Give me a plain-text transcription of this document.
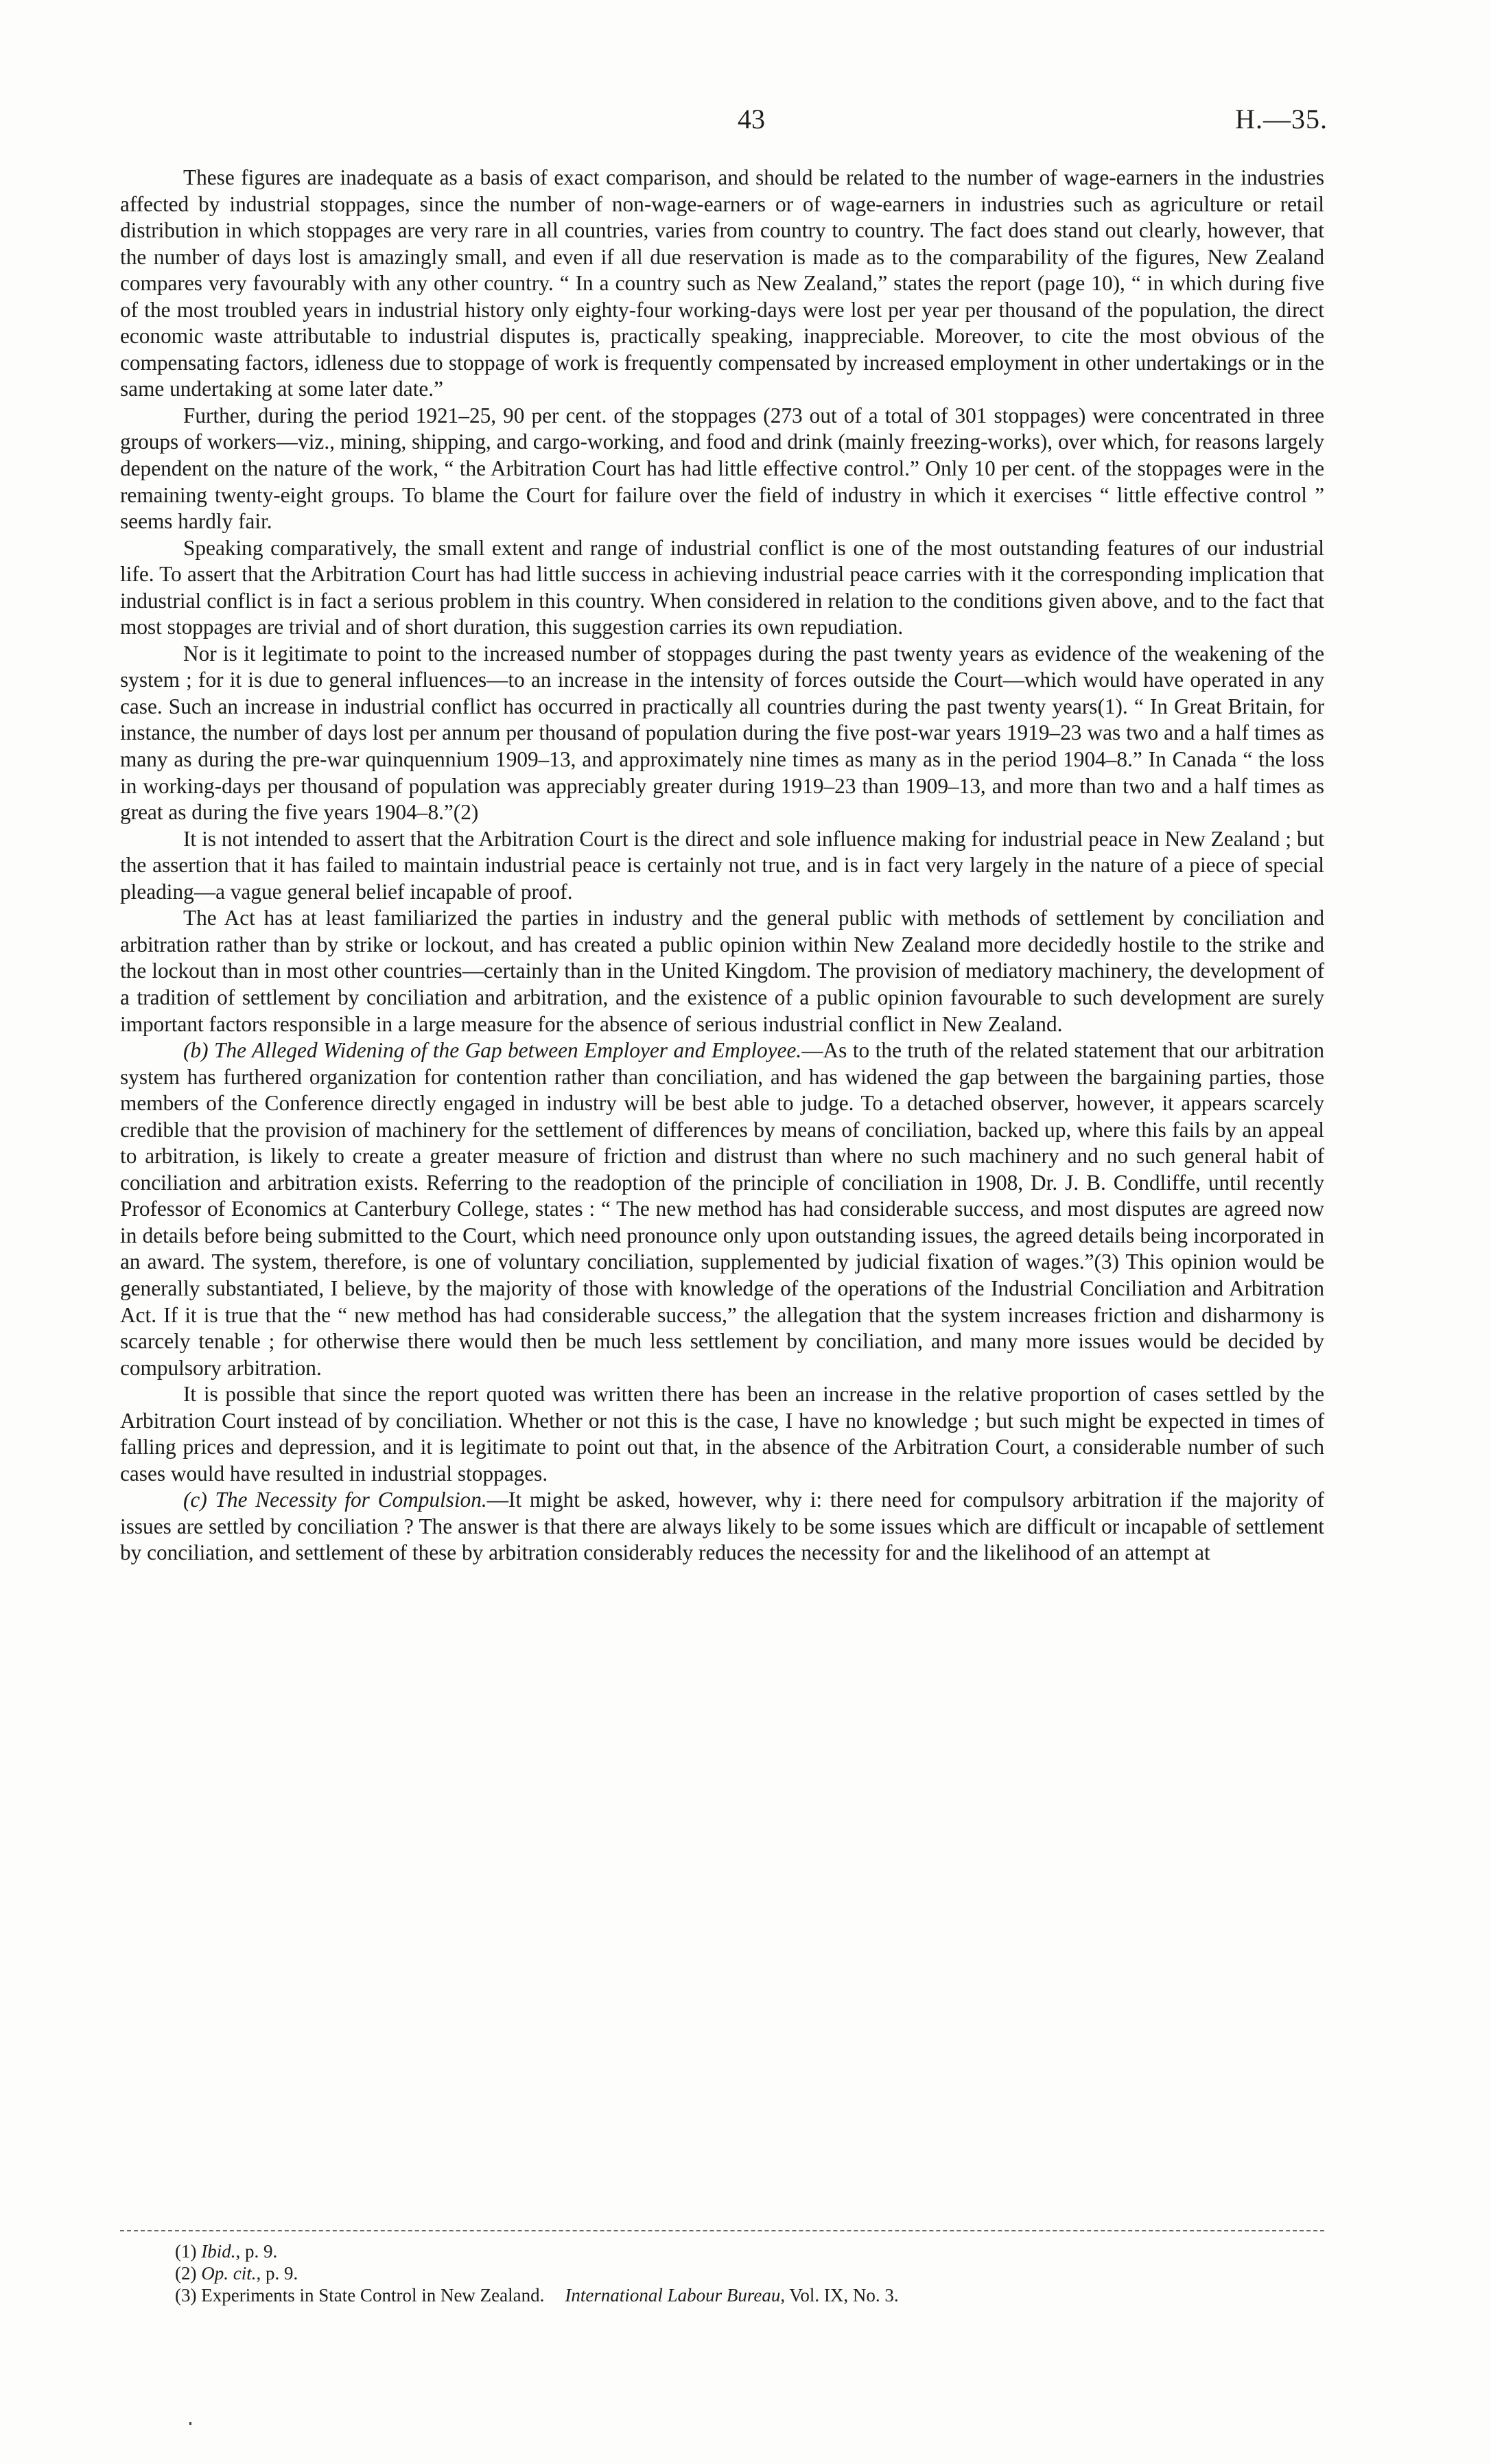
43	H.—35.

These figures are inadequate as a basis of exact comparison, and should be related to the number of wage-earners in the industries affected by industrial stoppages, since the number of non-wage-earners or of wage-earners in industries such as agriculture or retail distribution in which stoppages are very rare in all countries, varies from country to country. The fact does stand out clearly, however, that the number of days lost is amazingly small, and even if all due reservation is made as to the comparability of the figures, New Zealand compares very favourably with any other country. “ In a country such as New Zealand,” states the report (page 10), “ in which during five of the most troubled years in industrial history only eighty-four working-days were lost per year per thousand of the population, the direct economic waste attributable to industrial disputes is, practically speaking, inappreciable. Moreover, to cite the most obvious of the compensating factors, idleness due to stoppage of work is frequently compensated by increased employment in other undertakings or in the same undertaking at some later date.”

Further, during the period 1921–25, 90 per cent. of the stoppages (273 out of a total of 301 stoppages) were concentrated in three groups of workers—viz., mining, shipping, and cargo-working, and food and drink (mainly freezing-works), over which, for reasons largely dependent on the nature of the work, “ the Arbitration Court has had little effective control.” Only 10 per cent. of the stoppages were in the remaining twenty-eight groups. To blame the Court for failure over the field of industry in which it exercises “ little effective control ” seems hardly fair.

Speaking comparatively, the small extent and range of industrial conflict is one of the most outstanding features of our industrial life. To assert that the Arbitration Court has had little success in achieving industrial peace carries with it the corresponding implication that industrial conflict is in fact a serious problem in this country. When considered in relation to the conditions given above, and to the fact that most stoppages are trivial and of short duration, this suggestion carries its own repudiation.

Nor is it legitimate to point to the increased number of stoppages during the past twenty years as evidence of the weakening of the system ; for it is due to general influences—to an increase in the intensity of forces outside the Court—which would have operated in any case. Such an increase in industrial conflict has occurred in practically all countries during the past twenty years(1). “ In Great Britain, for instance, the number of days lost per annum per thousand of population during the five post-war years 1919–23 was two and a half times as many as during the pre-war quinquennium 1909–13, and approximately nine times as many as in the period 1904–8.” In Canada “ the loss in working-days per thousand of population was appreciably greater during 1919–23 than 1909–13, and more than two and a half times as great as during the five years 1904–8.”(2)

It is not intended to assert that the Arbitration Court is the direct and sole influence making for industrial peace in New Zealand ; but the assertion that it has failed to maintain industrial peace is certainly not true, and is in fact very largely in the nature of a piece of special pleading—a vague general belief incapable of proof.

The Act has at least familiarized the parties in industry and the general public with methods of settlement by conciliation and arbitration rather than by strike or lockout, and has created a public opinion within New Zealand more decidedly hostile to the strike and the lockout than in most other countries—certainly than in the United Kingdom. The provision of mediatory machinery, the development of a tradition of settlement by conciliation and arbitration, and the existence of a public opinion favourable to such development are surely important factors responsible in a large measure for the absence of serious industrial conflict in New Zealand.

(b) The Alleged Widening of the Gap between Employer and Employee.—As to the truth of the related statement that our arbitration system has furthered organization for contention rather than conciliation, and has widened the gap between the bargaining parties, those members of the Conference directly engaged in industry will be best able to judge. To a detached observer, however, it appears scarcely credible that the provision of machinery for the settlement of differences by means of conciliation, backed up, where this fails by an appeal to arbitration, is likely to create a greater measure of friction and distrust than where no such machinery and no such general habit of conciliation and arbitration exists. Referring to the readoption of the principle of conciliation in 1908, Dr. J. B. Condliffe, until recently Professor of Economics at Canterbury College, states : “ The new method has had considerable success, and most disputes are agreed now in details before being submitted to the Court, which need pronounce only upon outstanding issues, the agreed details being incorporated in an award. The system, therefore, is one of voluntary conciliation, supplemented by judicial fixation of wages.”(3) This opinion would be generally substantiated, I believe, by the majority of those with knowledge of the operations of the Industrial Conciliation and Arbitration Act. If it is true that the “ new method has had considerable success,” the allegation that the system increases friction and disharmony is scarcely tenable ; for otherwise there would then be much less settlement by conciliation, and many more issues would be decided by compulsory arbitration.

It is possible that since the report quoted was written there has been an increase in the relative proportion of cases settled by the Arbitration Court instead of by conciliation. Whether or not this is the case, I have no knowledge ; but such might be expected in times of falling prices and depression, and it is legitimate to point out that, in the absence of the Arbitration Court, a considerable number of such cases would have resulted in industrial stoppages.

(c) The Necessity for Compulsion.—It might be asked, however, why i: there need for compulsory arbitration if the majority of issues are settled by conciliation ? The answer is that there are always likely to be some issues which are difficult or incapable of settlement by conciliation, and settlement of these by arbitration considerably reduces the necessity for and the likelihood of an attempt at

(1) Ibid., p. 9.
(2) Op. cit., p. 9.
(3) Experiments in State Control in New Zealand. International Labour Bureau, Vol. IX, No. 3.
